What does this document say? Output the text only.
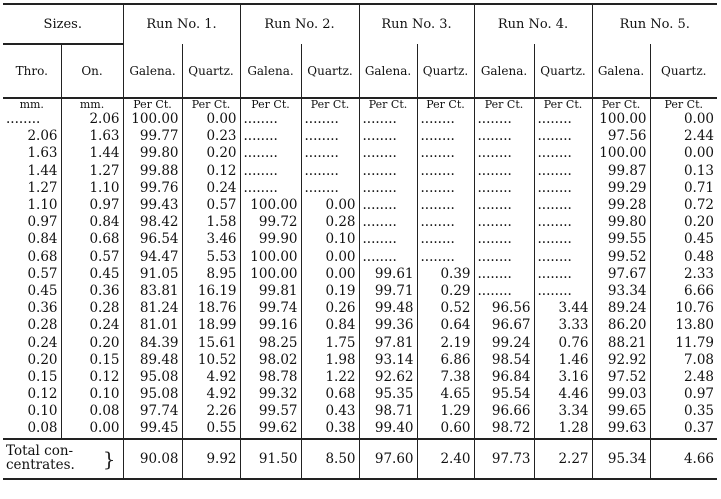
Sizes.		Run No. 1.		Run No. 2.		Run No. 3.		Run No. 4.		Run No. 5.	
Thro.	On.	Galena.	Quartz.	Galena.	Quartz.	Galena.	Quartz.	Galena.	Quartz.	Galena.	Quartz.
mm.	mm.	Per Ct.	Per Ct.	Per Ct.	Per Ct.	Per Ct.	Per Ct.	Per Ct.	Per Ct.	Per Ct.	Per Ct.
........	2.06	100.00	0.00	........	........	........	........	........	........	100.00	0.00
2.06	1.63	99.77	0.23	........	........	........	........	........	........	97.56	2.44
1.63	1.44	99.80	0.20	........	........	........	........	........	........	100.00	0.00
1.44	1.27	99.88	0.12	........	........	........	........	........	........	99.87	0.13
1.27	1.10	99.76	0.24	........	........	........	........	........	........	99.29	0.71
1.10	0.97	99.43	0.57	100.00	0.00	........	........	........	........	99.28	0.72
0.97	0.84	98.42	1.58	99.72	0.28	........	........	........	........	99.80	0.20
0.84	0.68	96.54	3.46	99.90	0.10	........	........	........	........	99.55	0.45
0.68	0.57	94.47	5.53	100.00	0.00	........	........	........	........	99.52	0.48
0.57	0.45	91.05	8.95	100.00	0.00	99.61	0.39	........	........	97.67	2.33
0.45	0.36	83.81	16.19	99.81	0.19	99.71	0.29	........	........	93.34	6.66
0.36	0.28	81.24	18.76	99.74	0.26	99.48	0.52	96.56	3.44	89.24	10.76
0.28	0.24	81.01	18.99	99.16	0.84	99.36	0.64	96.67	3.33	86.20	13.80
0.24	0.20	84.39	15.61	98.25	1.75	97.81	2.19	99.24	0.76	88.21	11.79
0.20	0.15	89.48	10.52	98.02	1.98	93.14	6.86	98.54	1.46	92.92	7.08
0.15	0.12	95.08	4.92	98.78	1.22	92.62	7.38	96.84	3.16	97.52	2.48
0.12	0.10	95.08	4.92	99.32	0.68	95.35	4.65	95.54	4.46	99.03	0.97
0.10	0.08	97.74	2.26	99.57	0.43	98.71	1.29	96.66	3.34	99.65	0.35
0.08	0.00	99.45	0.55	99.62	0.38	99.40	0.60	98.72	1.28	99.63	0.37

}
Total con-
centrates.		90.08	9.92	91.50	8.50	97.60	2.40	97.73	2.27	95.34	4.66
